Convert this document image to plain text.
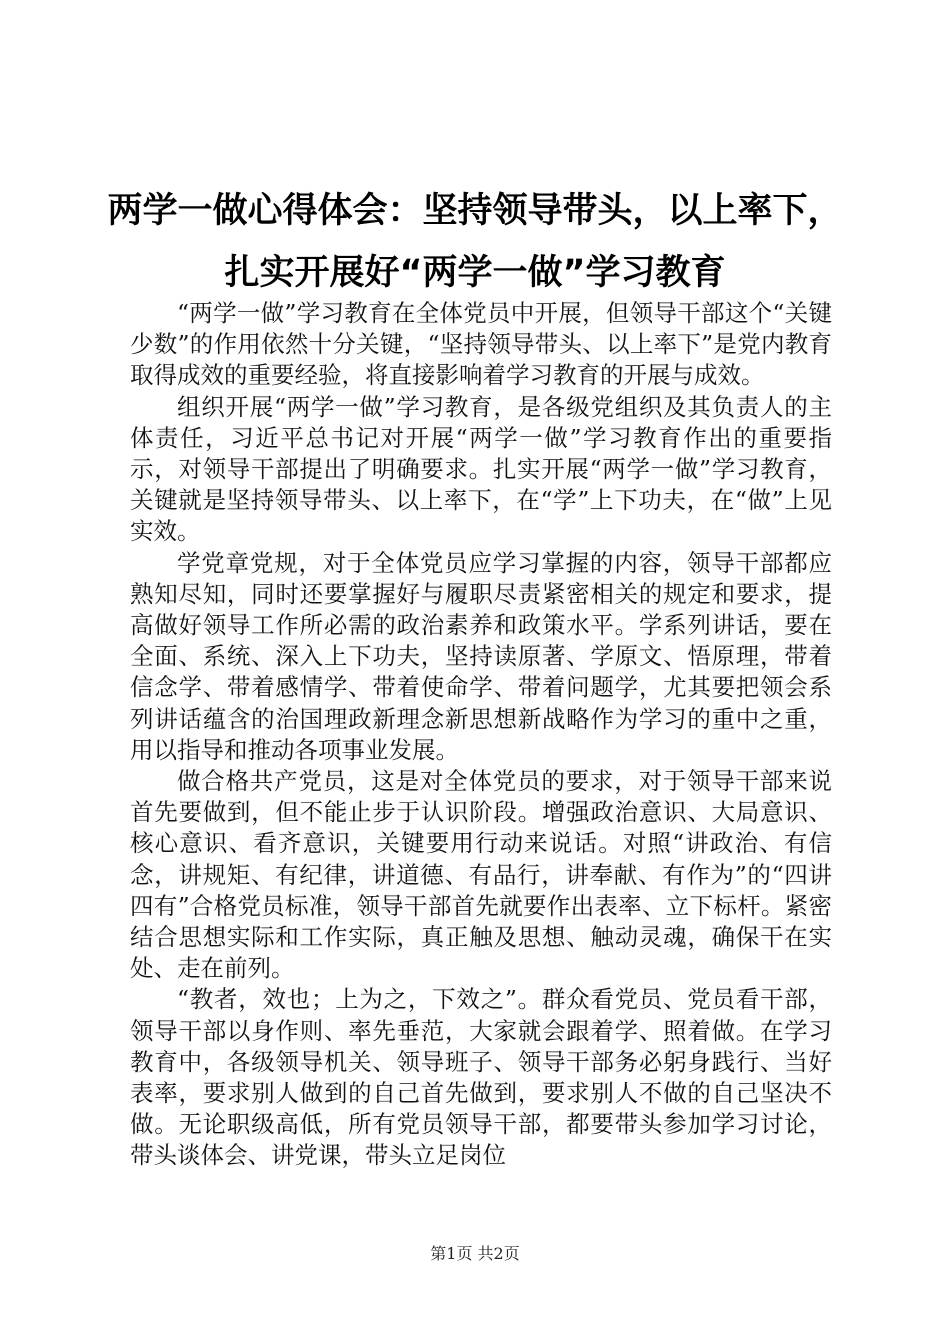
两学一做心得体会：坚持领导带头，以上率下，
扎实开展好“两学一做”学习教育

“两学一做”学习教育在全体党员中开展，但领导干部这个“关键少数”的作用依然十分关键，“坚持领导带头、以上率下”是党内教育取得成效的重要经验，将直接影响着学习教育的开展与成效。

组织开展“两学一做”学习教育，是各级党组织及其负责人的主体责任，习近平总书记对开展“两学一做”学习教育作出的重要指示，对领导干部提出了明确要求。扎实开展“两学一做”学习教育，关键就是坚持领导带头、以上率下，在“学”上下功夫，在“做”上见实效。

学党章党规，对于全体党员应学习掌握的内容，领导干部都应熟知尽知，同时还要掌握好与履职尽责紧密相关的规定和要求，提高做好领导工作所必需的政治素养和政策水平。学系列讲话，要在全面、系统、深入上下功夫，坚持读原著、学原文、悟原理，带着信念学、带着感情学、带着使命学、带着问题学，尤其要把领会系列讲话蕴含的治国理政新理念新思想新战略作为学习的重中之重，用以指导和推动各项事业发展。

做合格共产党员，这是对全体党员的要求，对于领导干部来说首先要做到，但不能止步于认识阶段。增强政治意识、大局意识、核心意识、看齐意识，关键要用行动来说话。对照“讲政治、有信念，讲规矩、有纪律，讲道德、有品行，讲奉献、有作为”的“四讲四有”合格党员标准，领导干部首先就要作出表率、立下标杆。紧密结合思想实际和工作实际，真正触及思想、触动灵魂，确保干在实处、走在前列。

“教者，效也；上为之，下效之”。群众看党员、党员看干部，领导干部以身作则、率先垂范，大家就会跟着学、照着做。在学习教育中，各级领导机关、领导班子、领导干部务必躬身践行、当好表率，要求别人做到的自己首先做到，要求别人不做的自己坚决不做。无论职级高低，所有党员领导干部，都要带头参加学习讨论，带头谈体会、讲党课，带头立足岗位

第1页 共2页
